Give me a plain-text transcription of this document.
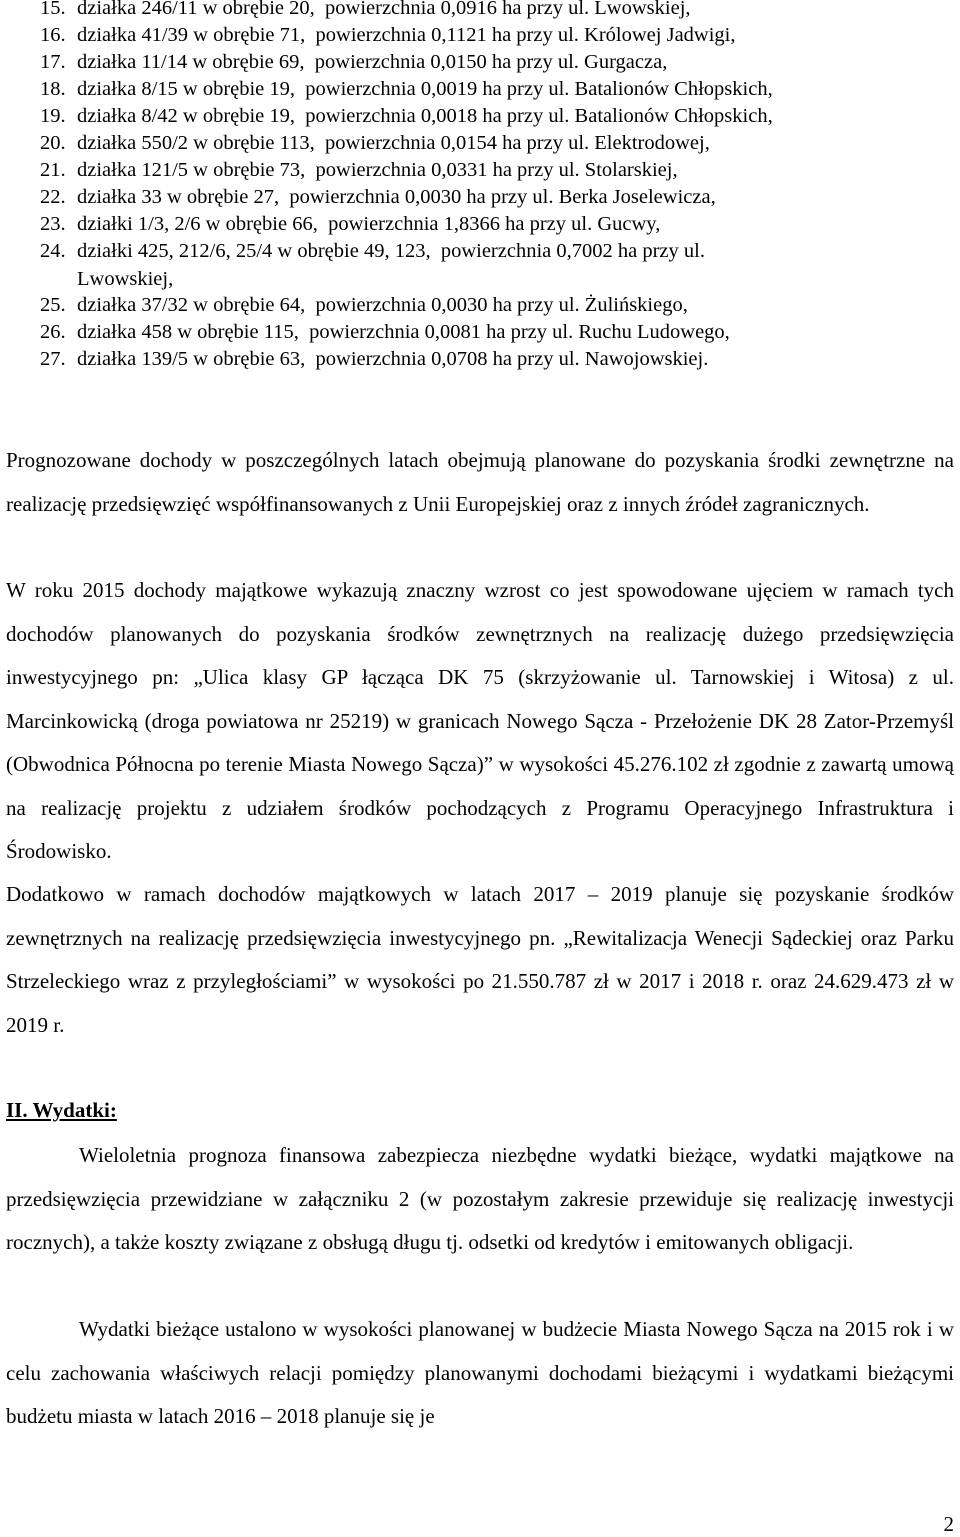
15. działka 246/11 w obrębie 20,  powierzchnia 0,0916 ha przy ul. Lwowskiej,
16. działka 41/39 w obrębie 71,  powierzchnia 0,1121 ha przy ul. Królowej Jadwigi,
17. działka 11/14 w obrębie 69,  powierzchnia 0,0150 ha przy ul. Gurgacza,
18. działka 8/15 w obrębie 19,  powierzchnia 0,0019 ha przy ul. Batalionów Chłopskich,
19. działka 8/42 w obrębie 19,  powierzchnia 0,0018 ha przy ul. Batalionów Chłopskich,
20. działka 550/2 w obrębie 113,  powierzchnia 0,0154 ha przy ul. Elektrodowej,
21. działka 121/5 w obrębie 73,  powierzchnia 0,0331 ha przy ul. Stolarskiej,
22. działka 33 w obrębie 27,  powierzchnia 0,0030 ha przy ul. Berka Joselewicza,
23. działki 1/3, 2/6 w obrębie 66,  powierzchnia 1,8366 ha przy ul. Gucwy,
24. działki 425, 212/6, 25/4 w obrębie 49, 123,  powierzchnia 0,7002 ha przy ul.
Lwowskiej,
25. działka 37/32 w obrębie 64,  powierzchnia 0,0030 ha przy ul. Żulińskiego,
26. działka 458 w obrębie 115,  powierzchnia 0,0081 ha przy ul. Ruchu Ludowego,
27. działka 139/5 w obrębie 63,  powierzchnia 0,0708 ha przy ul. Nawojowskiej.

Prognozowane dochody w poszczególnych latach obejmują planowane do pozyskania środki zewnętrzne na realizację przedsięwzięć współfinansowanych z Unii Europejskiej oraz z innych źródeł zagranicznych.

W roku 2015 dochody majątkowe wykazują znaczny wzrost co jest spowodowane ujęciem w ramach tych dochodów planowanych do pozyskania środków zewnętrznych na realizację dużego przedsięwzięcia inwestycyjnego pn: „Ulica klasy GP łącząca DK 75 (skrzyżowanie ul. Tarnowskiej i Witosa) z ul. Marcinkowicką (droga powiatowa nr 25219) w granicach Nowego Sącza - Przełożenie DK 28 Zator-Przemyśl (Obwodnica Północna po terenie Miasta Nowego Sącza)” w wysokości 45.276.102 zł zgodnie z zawartą umową na realizację projektu z udziałem środków pochodzących z Programu Operacyjnego Infrastruktura i Środowisko.

Dodatkowo w ramach dochodów majątkowych w latach 2017 – 2019 planuje się pozyskanie środków zewnętrznych na realizację przedsięwzięcia inwestycyjnego pn. „Rewitalizacja Wenecji Sądeckiej oraz Parku Strzeleckiego wraz z przyległościami” w wysokości po 21.550.787 zł w 2017 i 2018 r. oraz 24.629.473 zł w 2019 r.

II. Wydatki:

Wieloletnia prognoza finansowa zabezpiecza niezbędne wydatki bieżące, wydatki majątkowe na przedsięwzięcia przewidziane w załączniku 2 (w pozostałym zakresie przewiduje się realizację inwestycji rocznych), a także koszty związane z obsługą długu tj. odsetki od kredytów i emitowanych obligacji.

Wydatki bieżące ustalono w wysokości planowanej w budżecie Miasta Nowego Sącza na 2015 rok i w celu zachowania właściwych relacji pomiędzy planowanymi dochodami bieżącymi i wydatkami bieżącymi budżetu miasta w latach 2016 – 2018 planuje się je

2
